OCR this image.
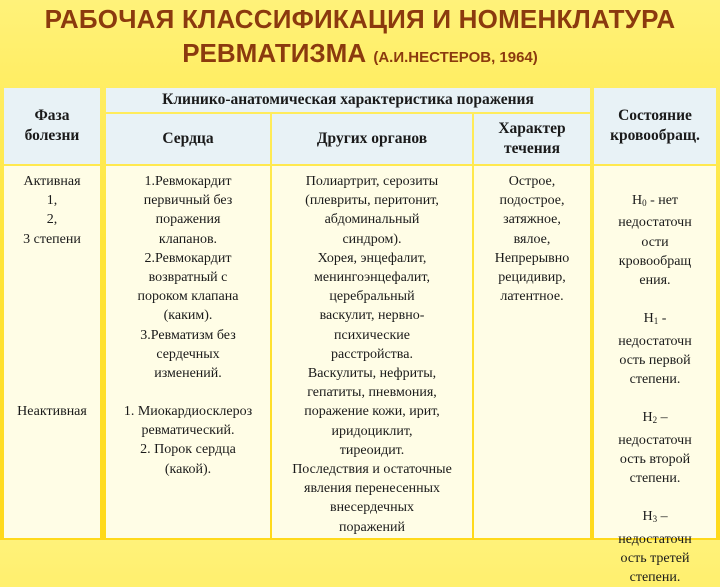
РАБОЧАЯ КЛАССИФИКАЦИЯ И НОМЕНКЛАТУРА
РЕВМАТИЗМА (А.И.НЕСТЕРОВ, 1964)
Фаза
болезни
Клинико-анатомическая характеристика поражения
Сердца	Других органов
Характер
течения
Состояние
кровообращ.
Активная
1,
2,
3 степени
Неактивная
1.Ревмокардит
первичный без
поражения
клапанов.
2.Ревмокардит
возвратный с
пороком клапана
(каким).
3.Ревматизм без
сердечных
изменений.
1. Миокардиосклероз
ревматический.
2. Порок сердца
(какой).
Полиартрит, серозиты
(плевриты, перитонит,
абдоминальный
синдром).
Хорея, энцефалит,
менингоэнцефалит,
церебральный
васкулит, нервно-
психические
расстройства.
Васкулиты, нефриты,
гепатиты, пневмония,
поражение кожи, ирит,
иридоциклит,
тиреоидит.
Последствия и остаточные
явления перенесенных
внесердечных
поражений
Острое,
подострое,
затяжное,
вялое,
Непрерывно
рецидивир,
латентное.

$Н_0$ - нет
недостаточн
ости
кровообращ
ения.

$Н_1$ -
недостаточн
ость первой
степени.

$Н_2$ –
недостаточн
ость второй
степени.

$Н_3$ –
недостаточн
ость третей
степени.
